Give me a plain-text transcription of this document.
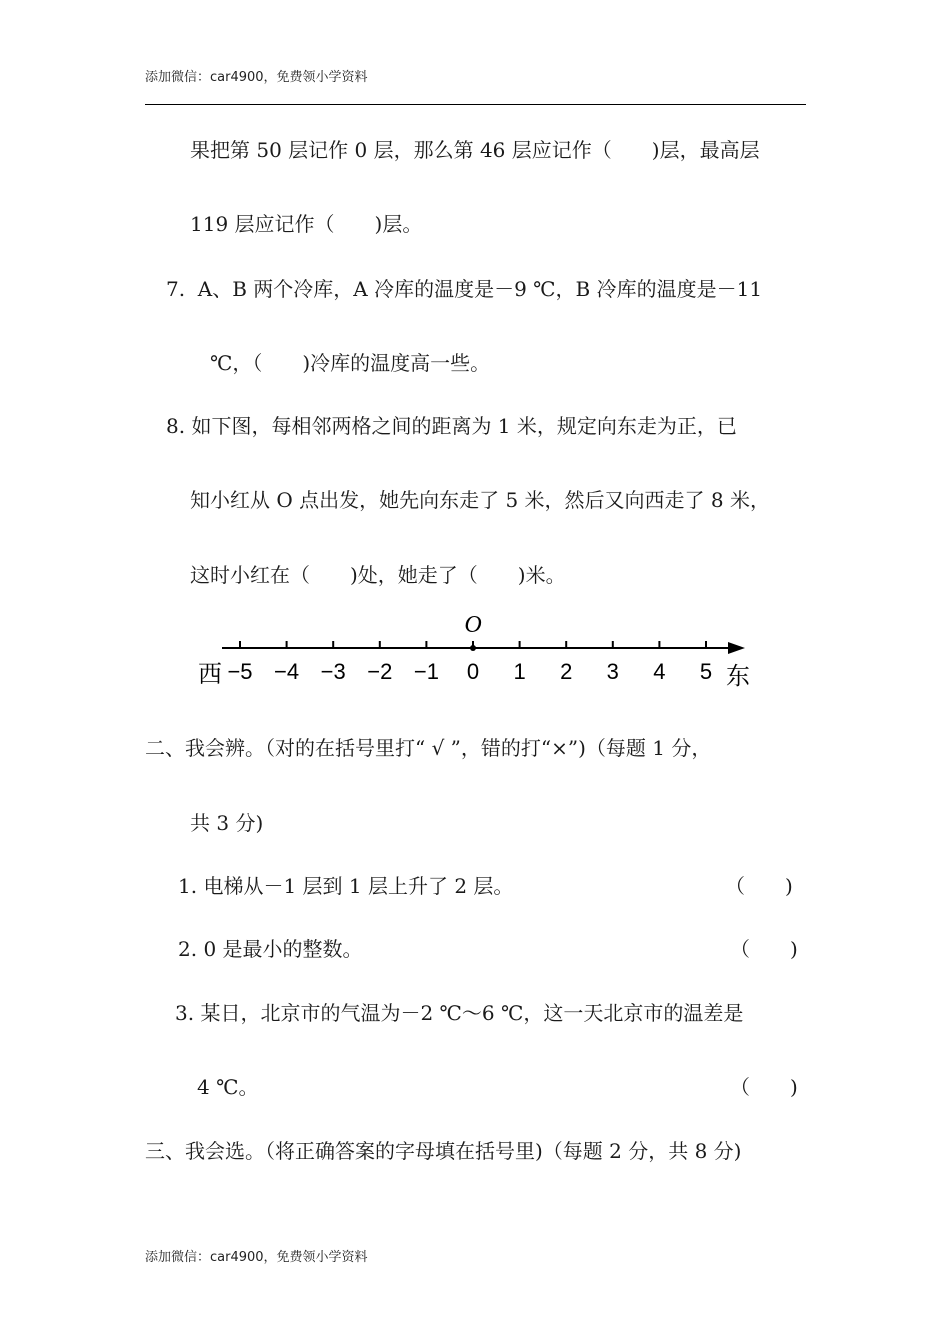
添加微信：car4900，免费领小学资料
果把第 50 层记作 0 层，那么第 46 层应记作（　　)层，最高层
119 层应记作（　　)层。
7.  A、B 两个冷库，A 冷库的温度是－9 ℃，B 冷库的温度是－11
℃，（　　)冷库的温度高一些。
8. 如下图，每相邻两格之间的距离为 1 米，规定向东走为正，已
知小红从 O 点出发，她先向东走了 5 米，然后又向西走了 8 米，
这时小红在（　　)处，她走了（　　)米。
O
−5 −4 −3 −2 −1 0 1 2 3 4 5
西	东
二、我会辨。（对的在括号里打“ √ ”，错的打“×”)（每题 1 分，
共 3 分)
1. 电梯从－1 层到 1 层上升了 2 层。	（　　)
2. 0 是最小的整数。	（　　)
3. 某日，北京市的气温为－2 ℃～6 ℃，这一天北京市的温差是
4 ℃。	（　　)
三、我会选。（将正确答案的字母填在括号里)（每题 2 分，共 8 分)
添加微信：car4900，免费领小学资料
